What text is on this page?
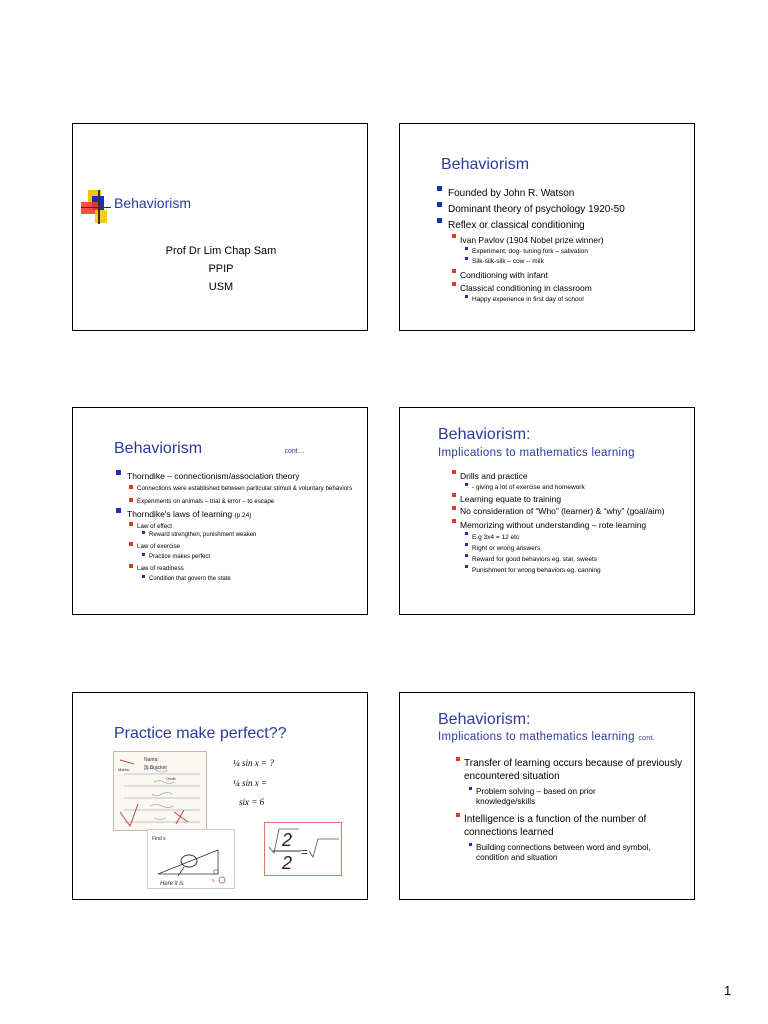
Behaviorism
Prof Dr Lim Chap Sam
PPIP
USM
Behaviorism
Founded by John R. Watson
Dominant theory of psychology 1920-50
Reflex or classical conditioning
Ivan Pavlov (1904 Nobel prize winner)
Experiment: dog- tuning fork – salivation
Silk-silk-silk – cow -- milk
Conditioning with infant
Classical conditioning in classroom
Happy experience in first day of school
Behaviorism	cont…
Thorndike – connectionism/association theory
Connections were established between particular stimuli & voluntary behaviors
Experiments on animals – trial & error – to escape
Thorndike's laws of learning (p.24)
Law of effect
Reward strengthen, punishment weaken
Law of exercise
Practice makes perfect
Law of readiness
Condition that govern the state
Behaviorism:
Implications to mathematics learning
Drills and practice
- giving a lot of exercise and homework
Learning equate to training
No consideration of “Who” (learner) & “why” (goal/aim)
Memorizing without understanding – rote learning
E.g 3x4 = 12 etc
Right or wrong answers
Reward for good behaviors eg. star, sweets
Punishment for wrong behaviors eg. canning
Practice make perfect??
Nama:
9) Bracket
Marks:
Ondit
¼ sin x = ?
¼ sin x =
six = 6
x
Find x
Here it is
2
2
=
Behaviorism:
Implications to mathematics learning cont.
Transfer of learning occurs because of previously encountered situation
Problem solving – based on prior knowledge/skills
Intelligence is a function of the number of connections learned
Building connections between word and symbol, condition and situation
1
